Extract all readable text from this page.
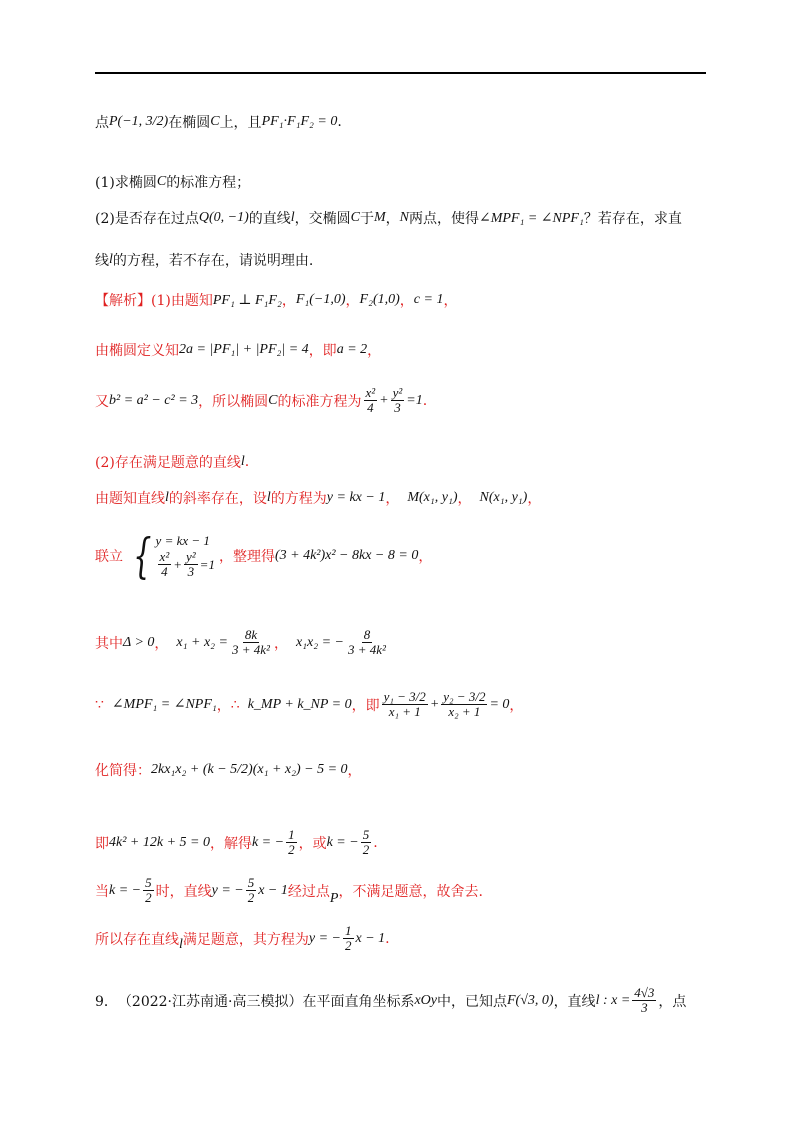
点 P(−1, 3/2) 在椭圆 C 上，且 PF₁·F₁F₂ = 0 .
(1)求椭圆 C 的标准方程；
(2)是否存在过点 Q(0, −1) 的直线 l ，交椭圆 C 于 M ， N 两点，使得 ∠MPF₁ = ∠NPF₁ ？若存在，求直
线 l 的方程，若不存在，请说明理由.
【解析】 (1)由题知 PF₁ ⊥ F₁F₂ ， F₁(−1,0) ， F₂(1,0) ， c = 1 ，
由椭圆定义知 2a = |PF₁| + |PF₂| = 4 ，即 a = 2 ，
又 b² = a² − c² = 3 ，所以椭圆 C 的标准方程为 $\frac{\text{x²}}{4} + \frac{\text{y²}}{3} =1$ .
(2)存在满足题意的直线 l .
由题知直线 l 的斜率存在，设 l 的方程为 y = kx − 1 ， M(x₁, y₁) ， N(x₁, y₁) ，
联立 { y = kx − 1
$\frac{\text{x²}}{4} + \frac{\text{y²}}{3} =1$ ，整理得 (3 + 4k²)x² − 8kx − 8 = 0 ，
其中 Δ > 0 ， $x_1 + x_2 = \frac{8k}{\text{3 + 4k²}}$ ， x₁x₂ = − $\frac{8}{\text{3 + 4k²}}$
∵ ∠MPF₁ = ∠NPF₁ ， ∴ k_MP + k_NP = 0 ，即 $\frac{\text{y₁ − 3/2}}{\text{x₁ + 1}} + \frac{\text{y₂ − 3/2}}{\text{x₂ + 1}} = 0$ ，
化简得： 2kx₁x₂ + (k − 5/2)(x₁ + x₂) − 5 = 0 ，
即 4k² + 12k + 5 = 0 ，解得 k = − $\frac{1}{2}$ ，或 k = − $\frac{5}{2}$ .
当 k = − $\frac{5}{2}$ 时，直线 y = − $\frac{5}{2}$ x − 1 经过点 P ，不满足题意，故舍去.
所以存在直线 l 满足题意，其方程为 y = − $\frac{1}{2}$ x − 1 .
9． （2022·江苏南通·高三模拟） 在平面直角坐标系 xOy 中，已知点 F(√3, 0) ，直线 l : $x = \frac{4√3}{3}$ ，点
